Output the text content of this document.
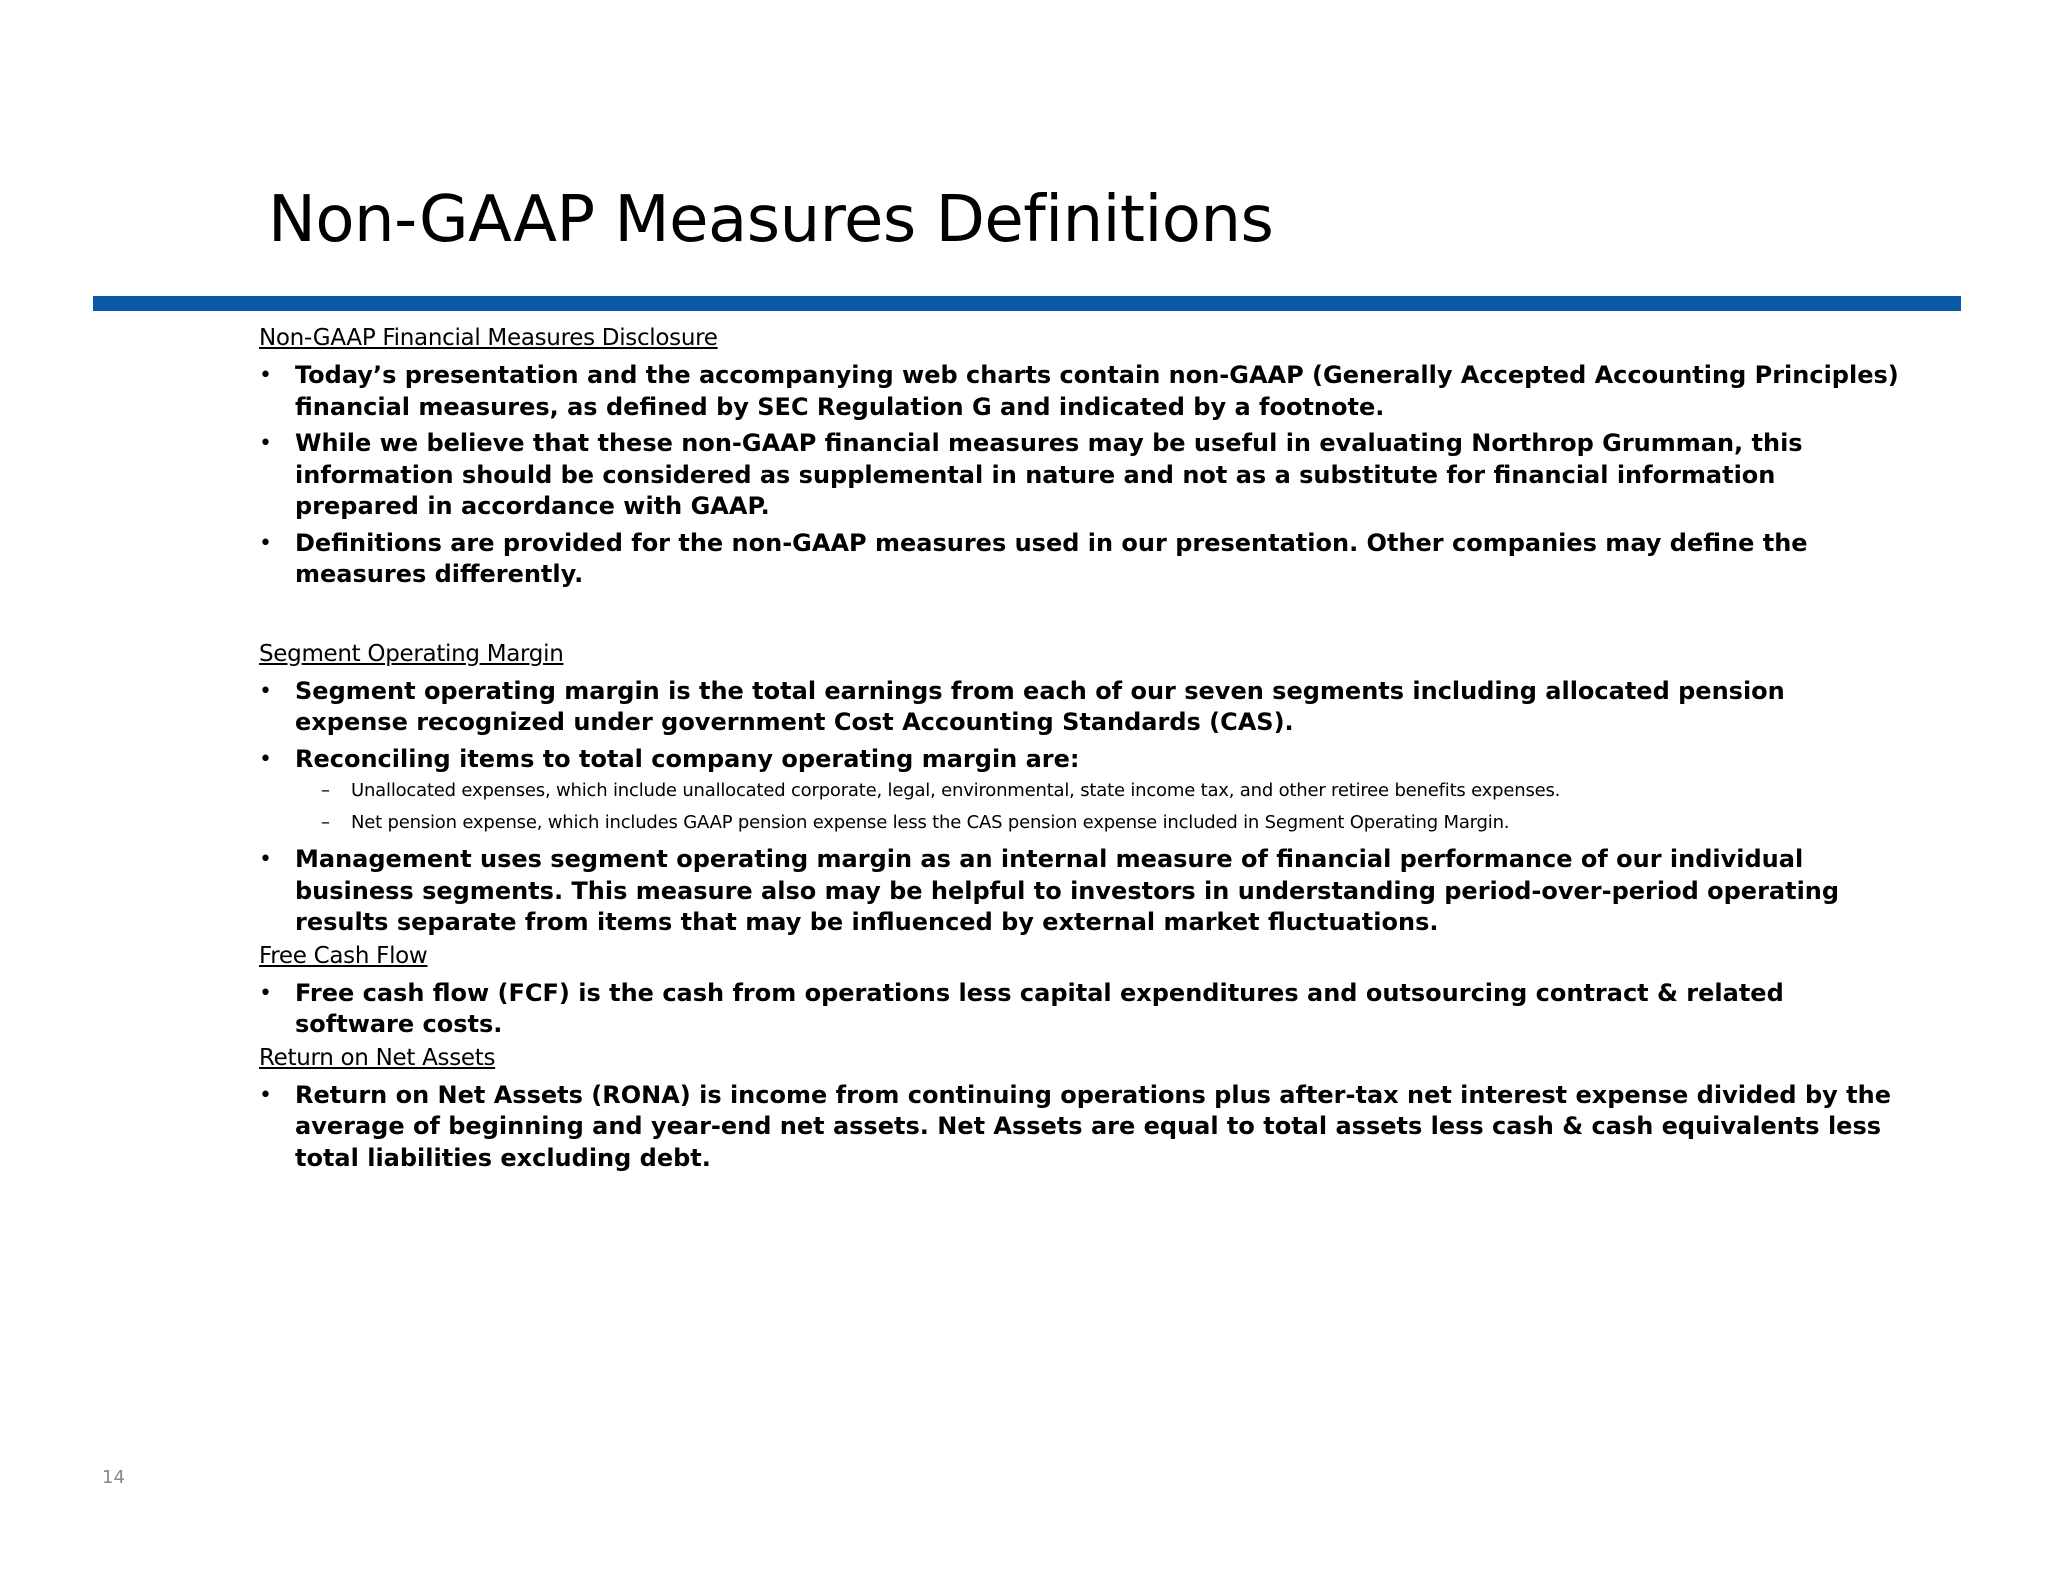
Non-GAAP Measures Definitions
Non-GAAP Financial Measures Disclosure
• Today’s presentation and the accompanying web charts contain non-GAAP (Generally Accepted Accounting Principles) financial measures, as defined by SEC Regulation G and indicated by a footnote.
• While we believe that these non-GAAP financial measures may be useful in evaluating Northrop Grumman, this information should be considered as supplemental in nature and not as a substitute for financial information prepared in accordance with GAAP.
• Definitions are provided for the non-GAAP measures used in our presentation. Other companies may define the measures differently.
Segment Operating Margin
• Segment operating margin is the total earnings from each of our seven segments including allocated pension expense recognized under government Cost Accounting Standards (CAS).
• Reconciling items to total company operating margin are:
–	Unallocated expenses, which include unallocated corporate, legal, environmental, state income tax, and other retiree benefits expenses.
–	Net pension expense, which includes GAAP pension expense less the CAS pension expense included in Segment Operating Margin.
• Management uses segment operating margin as an internal measure of financial performance of our individual business segments. This measure also may be helpful to investors in understanding period-over-period operating results separate from items that may be influenced by external market fluctuations.
Free Cash Flow
• Free cash flow (FCF) is the cash from operations less capital expenditures and outsourcing contract & related software costs.
Return on Net Assets
• Return on Net Assets (RONA) is income from continuing operations plus after-tax net interest expense divided by the average of beginning and year-end net assets. Net Assets are equal to total assets less cash & cash equivalents less total liabilities excluding debt.
14
